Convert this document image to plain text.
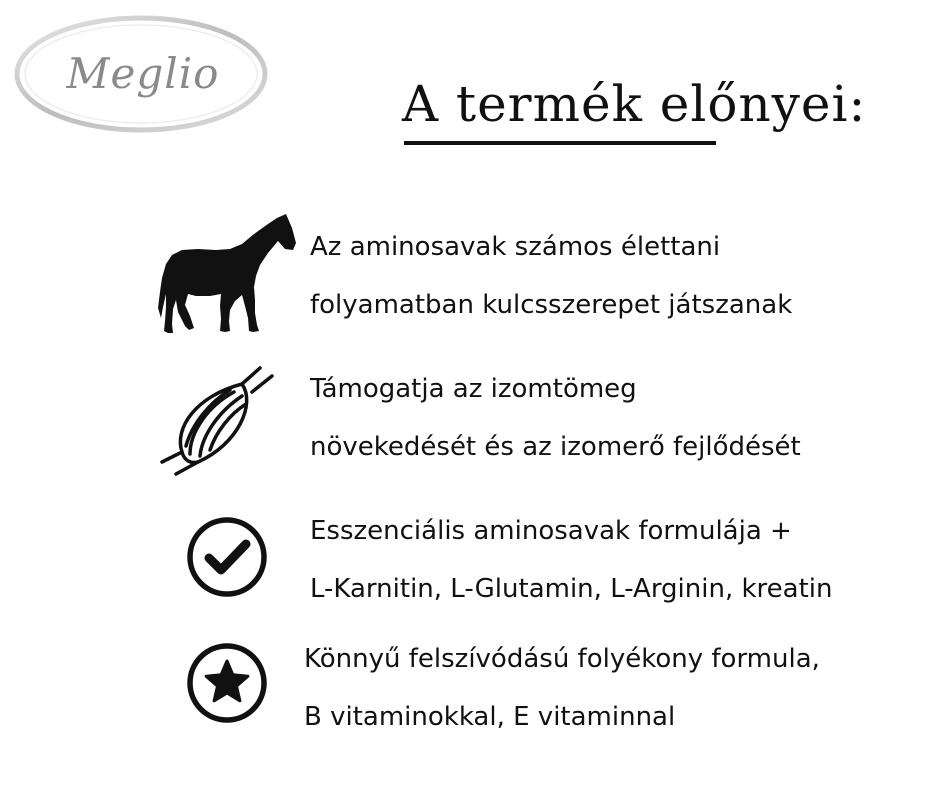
Meglio
A termék előnyei:
Az aminosavak számos élettani
folyamatban kulcsszerepet játszanak
Támogatja az izomtömeg
növekedését és az izomerő fejlődését
Esszenciális aminosavak formulája +
L-Karnitin, L-Glutamin, L-Arginin, kreatin
Könnyű felszívódású folyékony formula,
B vitaminokkal, E vitaminnal
